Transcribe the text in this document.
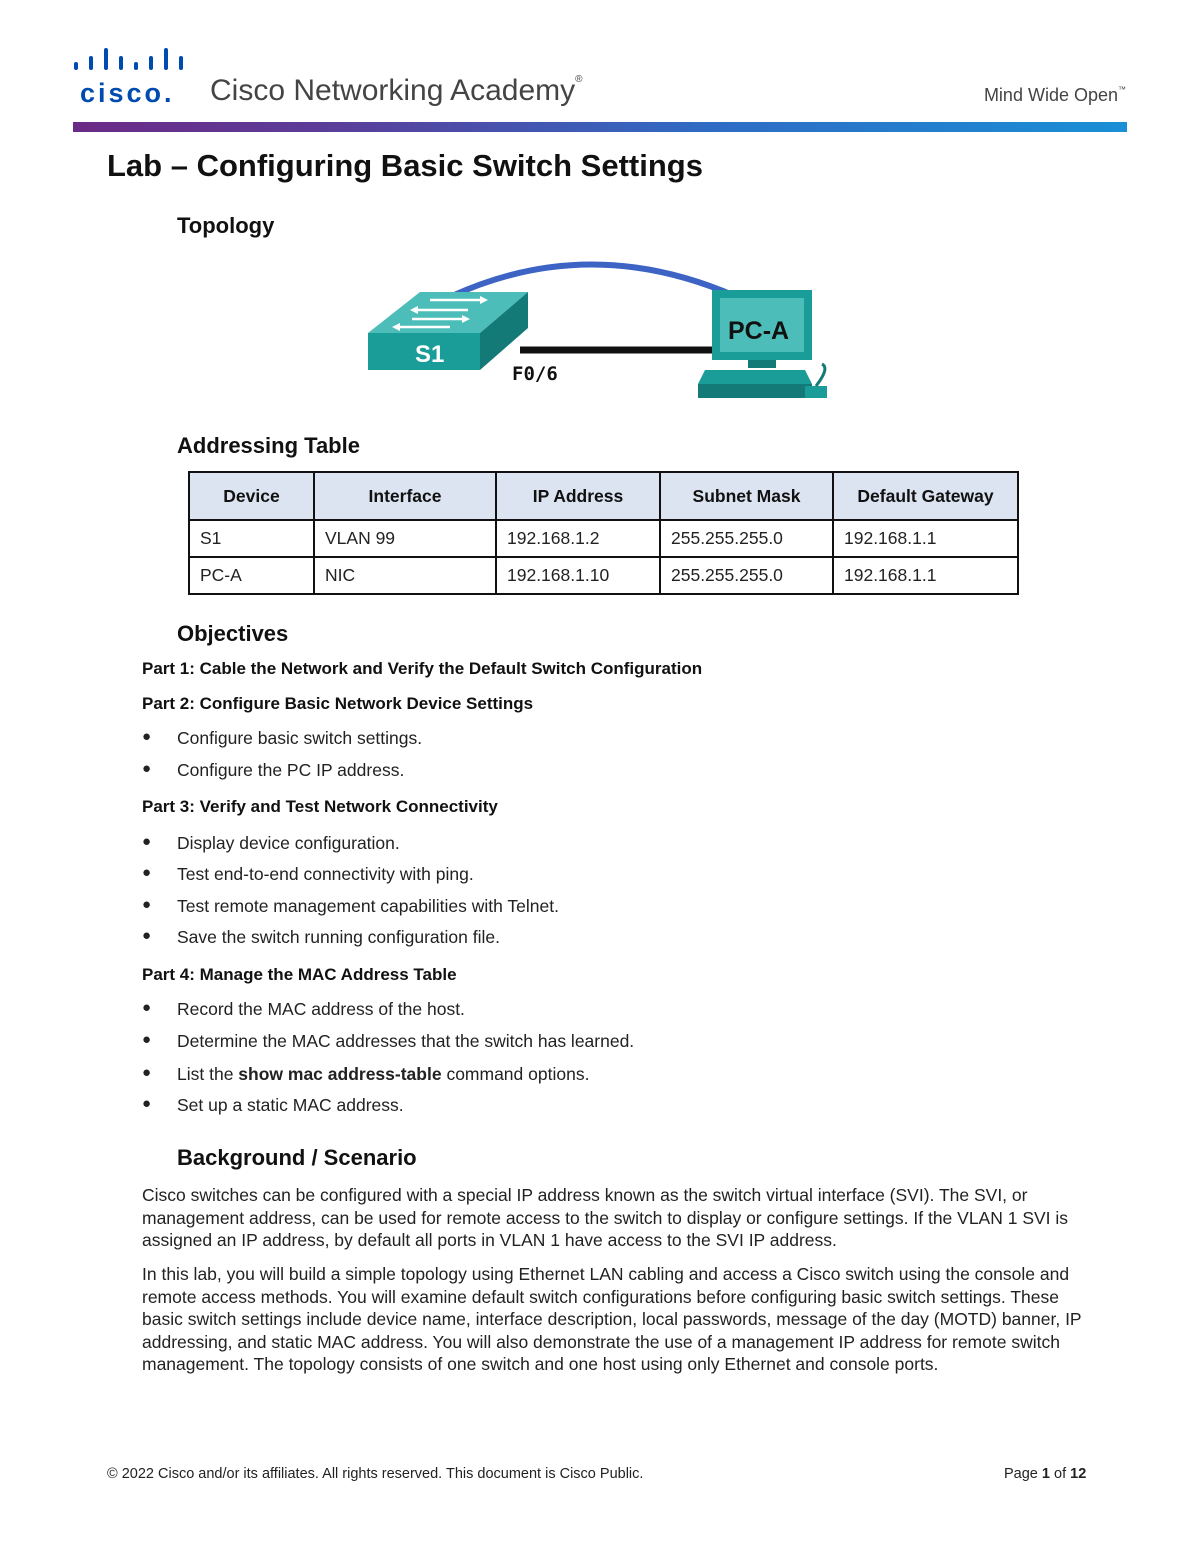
cisco. Cisco Networking Academy®
Mind Wide Open™
Lab – Configuring Basic Switch Settings
Topology
S1
F0/6
PC-A
Addressing Table
Device	Interface	IP Address	Subnet Mask	Default Gateway
S1	VLAN 99	192.168.1.2	255.255.255.0	192.168.1.1
PC-A	NIC	192.168.1.10	255.255.255.0	192.168.1.1
Objectives
Part 1: Cable the Network and Verify the Default Switch Configuration
Part 2: Configure Basic Network Device Settings
● Configure basic switch settings.
● Configure the PC IP address.
Part 3: Verify and Test Network Connectivity
● Display device configuration.
● Test end-to-end connectivity with ping.
● Test remote management capabilities with Telnet.
● Save the switch running configuration file.
Part 4: Manage the MAC Address Table
● Record the MAC address of the host.
● Determine the MAC addresses that the switch has learned.
● List the show mac address-table command options.
● Set up a static MAC address.
Background / Scenario
Cisco switches can be configured with a special IP address known as the switch virtual interface (SVI). The SVI, or management address, can be used for remote access to the switch to display or configure settings. If the VLAN 1 SVI is assigned an IP address, by default all ports in VLAN 1 have access to the SVI IP address.
In this lab, you will build a simple topology using Ethernet LAN cabling and access a Cisco switch using the console and remote access methods. You will examine default switch configurations before configuring basic switch settings. These basic switch settings include device name, interface description, local passwords, message of the day (MOTD) banner, IP addressing, and static MAC address. You will also demonstrate the use of a management IP address for remote switch management. The topology consists of one switch and one host using only Ethernet and console ports.
© 2022 Cisco and/or its affiliates. All rights reserved. This document is Cisco Public.	Page 1 of 12
